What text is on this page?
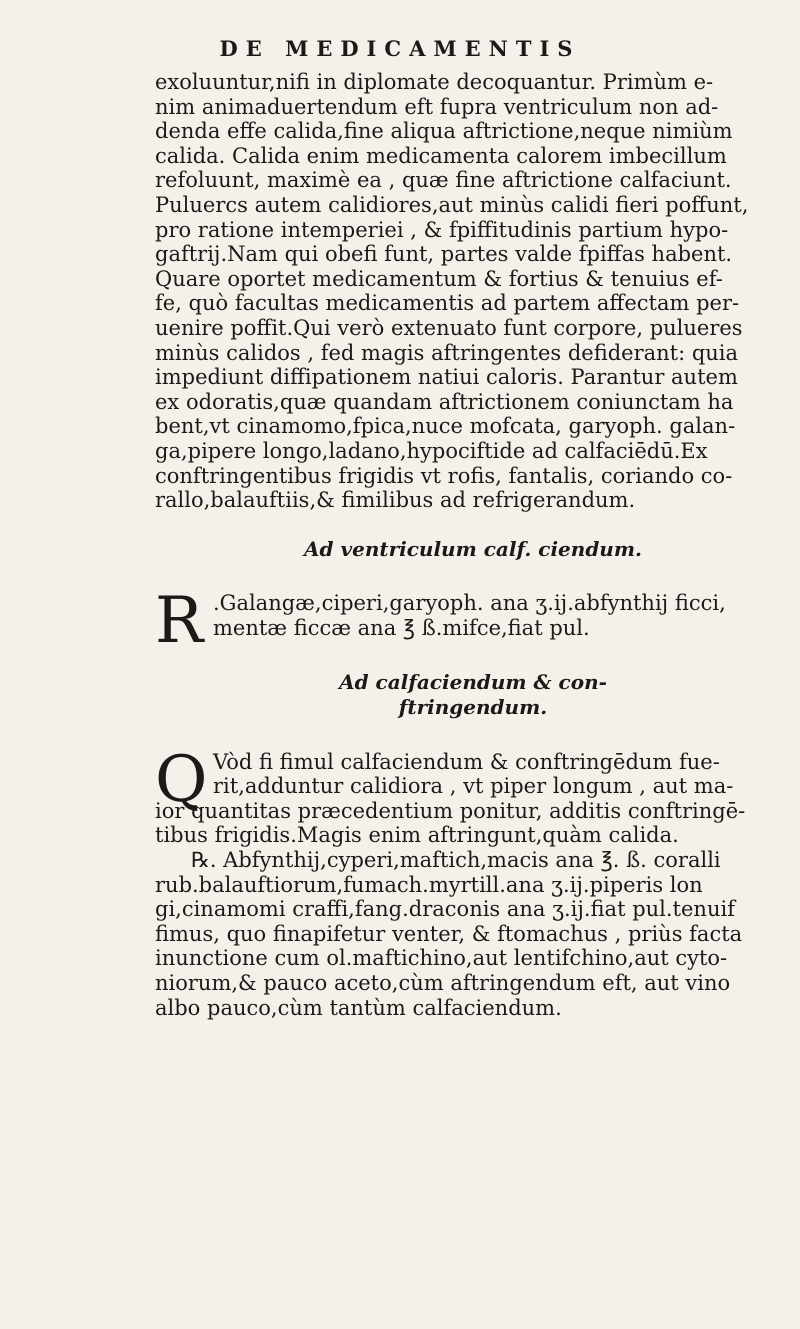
DE MEDICAMENTIS
exoluuntur,nifi in diplomate decoquantur. Primùm e-
nim animaduertendum eft fupra ventriculum non ad-
denda effe calida,fine aliqua aftrictione,neque nimiùm
calida. Calida enim medicamenta calorem imbecillum
refoluunt, maximè ea , quæ fine aftrictione calfaciunt.
Puluercs autem calidiores,aut minùs calidi fieri poffunt,
pro ratione intemperiei , & fpiffitudinis partium hypo-
gaftrij.Nam qui obefi funt, partes valde fpiffas habent.
Quare oportet medicamentum & fortius & tenuius ef-
fe, quò facultas medicamentis ad partem affectam per-
uenire poffit.Qui verò extenuato funt corpore, pulueres
minùs calidos , fed magis aftringentes defiderant: quia
impediunt diffipationem natiui caloris. Parantur autem
ex odoratis,quæ quandam aftrictionem coniunctam ha
bent,vt cinamomo,fpica,nuce mofcata, garyoph. galan-
ga,pipere longo,ladano,hypociftide ad calfaciēdū.Ex
conftringentibus frigidis vt rofis, fantalis, coriando co-
rallo,balauftiis,& fimilibus ad refrigerandum.
Ad ventriculum calf. ciendum.
R .Galangæ,ciperi,garyoph. ana ʒ.ij.abfynthij ficci,
mentæ ficcæ ana ℥ ß.mifce,fiat pul.
Ad calfaciendum & con-
ftringendum.
Q Vòd fi fimul calfaciendum & conftringēdum fue-
rit,adduntur calidiora , vt piper longum , aut ma-
ior quantitas præcedentium ponitur, additis conftringē-
tibus frigidis.Magis enim aftringunt,quàm calida.
℞. Abfynthij,cyperi,maftich,macis ana ℥. ß. coralli
rub.balauftiorum,fumach.myrtill.ana ʒ.ij.piperis lon
gi,cinamomi craffi,fang.draconis ana ʒ.ij.fiat pul.tenuif
fimus, quo finapifetur venter, & ftomachus , priùs facta
inunctione cum ol.maftichino,aut lentifchino,aut cyto-
niorum,& pauco aceto,cùm aftringendum eft, aut vino
albo pauco,cùm tantùm calfaciendum.
